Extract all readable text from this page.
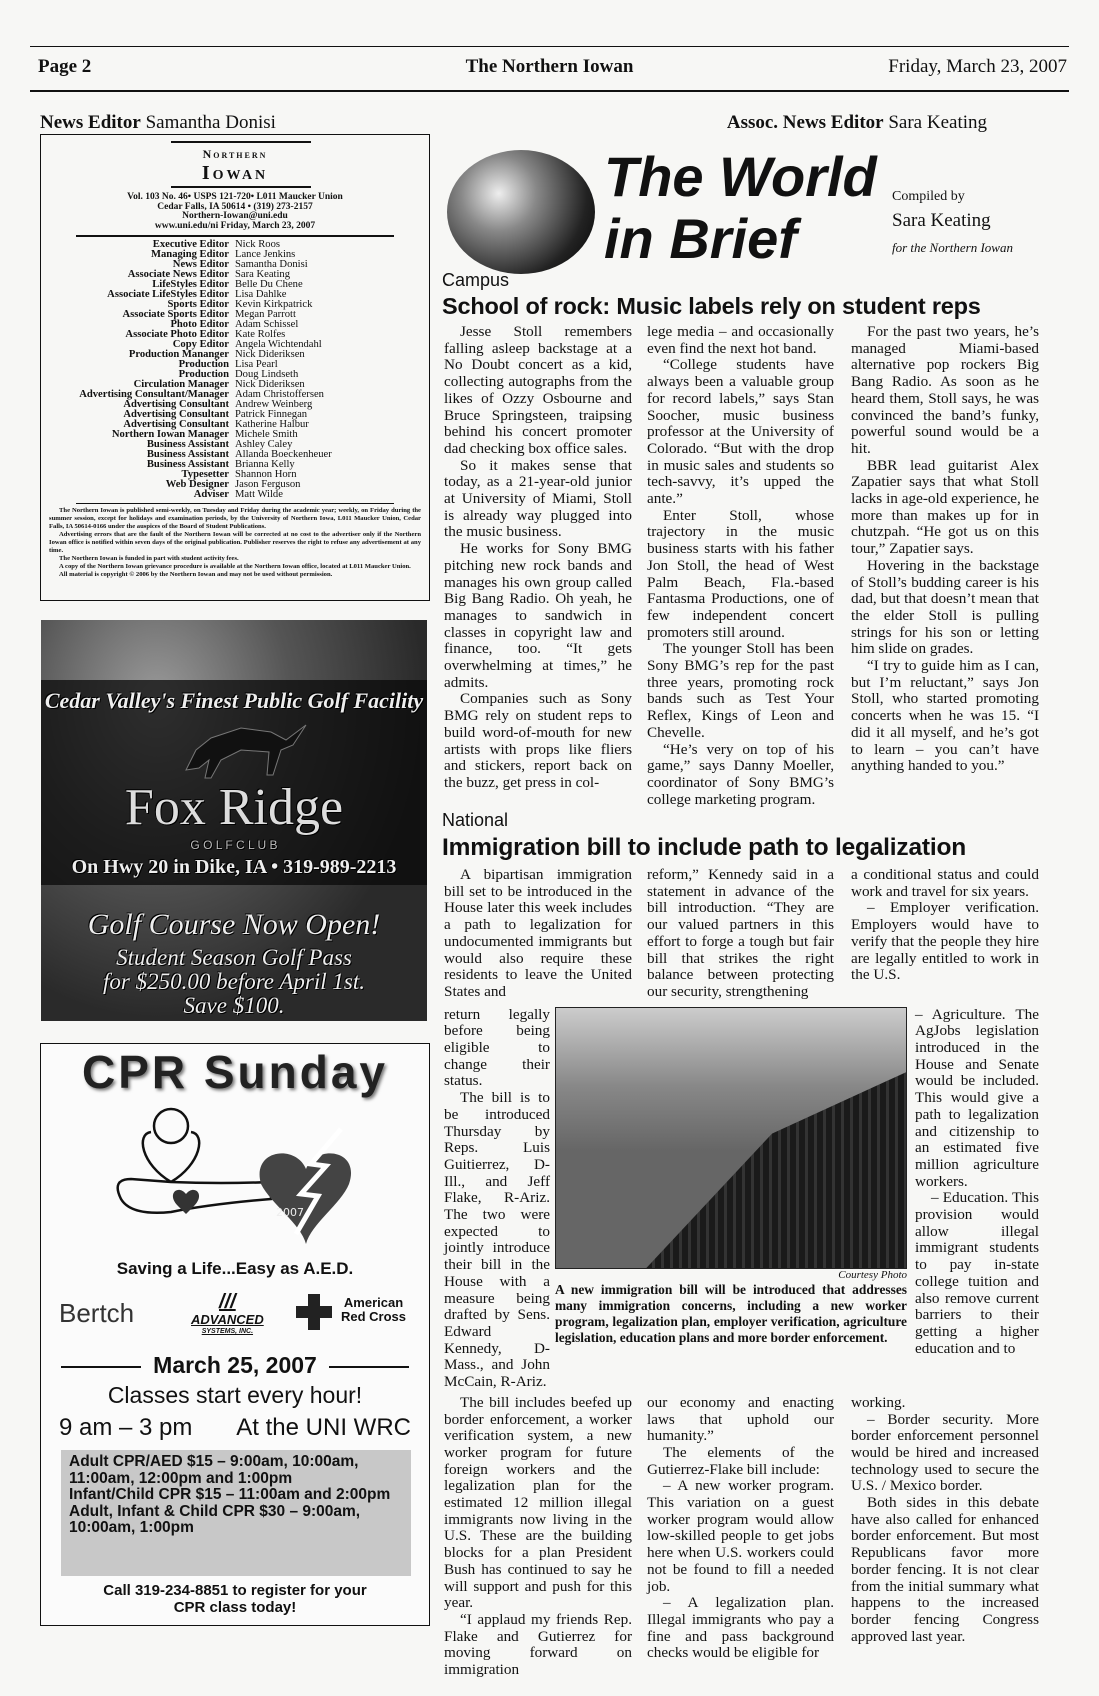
Page 2	The Northern Iowan	Friday, March 23, 2007
News Editor Samantha Donisi	Assoc. News Editor Sara Keating
Northern
Iowan
Vol. 103 No. 46• USPS 121-720• L011 Maucker Union
Cedar Falls, IA 50614 • (319) 273-2157
Northern-Iowan@uni.edu
www.uni.edu/ni Friday, March 23, 2007
Executive Editor Nick Roos
Managing Editor Lance Jenkins
News Editor Samantha Donisi
Associate News Editor Sara Keating
LifeStyles Editor Belle Du Chene
Associate LifeStyles Editor Lisa Dahlke
Sports Editor Kevin Kirkpatrick
Associate Sports Editor Megan Parrott
Photo Editor Adam Schissel
Associate Photo Editor Kate Rolfes
Copy Editor Angela Wichtendahl
Production Mananger Nick Dideriksen
Production Lisa Pearl
Production Doug Lindseth
Circulation Manager Nick Dideriksen
Advertising Consultant/Manager Adam Christoffersen
Advertising Consultant Andrew Weinberg
Advertising Consultant Patrick Finnegan
Advertising Consultant Katherine Halbur
Northern Iowan Manager Michele Smith
Business Assistant Ashley Caley
Business Assistant Allanda Boeckenheuer
Business Assistant Brianna Kelly
Typesetter Shannon Horn
Web Designer Jason Ferguson
Adviser Matt Wilde

The Northern Iowan is published semi-weekly, on Tuesday and Friday during the academic year; weekly, on Friday during the summer session, except for holidays and examination periods, by the University of Northern Iowa, L011 Maucker Union, Cedar Falls, IA 50614-0166 under the auspices of the Board of Student Publications.

Advertising errors that are the fault of the Northern Iowan will be corrected at no cost to the advertiser only if the Northern Iowan office is notified within seven days of the original publication. Publisher reserves the right to refuse any advertisement at any time.

The Northern Iowan is funded in part with student activity fees.

A copy of the Northern Iowan grievance procedure is available at the Northern Iowan office, located at L011 Maucker Union.

All material is copyright © 2006 by the Northern Iowan and may not be used without permission.

Cedar Valley's Finest Public Golf Facility
Fox Ridge
G O L F C L U B
On Hwy 20 in Dike, IA • 319-989-2213
Golf Course Now Open!
Student Season Golf Pass
for $250.00 before April 1st.
Save $100.
CPR Sunday
2007
Saving a Life...Easy as A.E.D.
Bertch	///
ADVANCED
SYSTEMS, INC.
American
Red Cross
March 25, 2007
Classes start every hour!
9 am – 3 pm At the UNI WRC
Adult CPR/AED $15 – 9:00am, 10:00am, 11:00am, 12:00pm and 1:00pm
Infant/Child CPR $15 – 11:00am and 2:00pm
Adult, Infant & Child CPR $30 – 9:00am, 10:00am, 1:00pm
Call 319-234-8851 to register for your
CPR class today!
The World
in Brief
Compiled by
Sara Keating
for the Northern Iowan
Campus
School of rock: Music labels rely on student reps

Jesse Stoll remembers falling asleep backstage at a No Doubt concert as a kid, collecting autographs from the likes of Ozzy Osbourne and Bruce Springsteen, traipsing behind his concert promoter dad checking box office sales.

So it makes sense that today, as a 21-year-old junior at University of Miami, Stoll is already way plugged into the music business.

He works for Sony BMG pitching new rock bands and manages his own group called Big Bang Radio. Oh yeah, he manages to sandwich in classes in copyright law and finance, too. “It gets overwhelming at times,” he admits.

Companies such as Sony BMG rely on student reps to build word-of-mouth for new artists with props like fliers and stickers, report back on the buzz, get press in col-

lege media – and occasionally even find the next hot band.

“College students have always been a valuable group for record labels,” says Stan Soocher, music business professor at the University of Colorado. “But with the drop in music sales and students so tech-savvy, it’s upped the ante.”

Enter Stoll, whose trajectory in the music business starts with his father Jon Stoll, the head of West Palm Beach, Fla.-based Fantasma Productions, one of few independent concert promoters still around.

The younger Stoll has been Sony BMG’s rep for the past three years, promoting rock bands such as Test Your Reflex, Kings of Leon and Chevelle.

“He’s very on top of his game,” says Danny Moeller, coordinator of Sony BMG’s college marketing program.

For the past two years, he’s managed Miami-based alternative pop rockers Big Bang Radio. As soon as he heard them, Stoll says, he was convinced the band’s funky, powerful sound would be a hit.

BBR lead guitarist Alex Zapatier says that what Stoll lacks in age-old experience, he more than makes up for in chutzpah. “He got us on this tour,” Zapatier says.

Hovering in the backstage of Stoll’s budding career is his dad, but that doesn’t mean that the elder Stoll is pulling strings for his son or letting him slide on grades.

“I try to guide him as I can, but I’m reluctant,” says Jon Stoll, who started promoting concerts when he was 15. “I did it all myself, and he’s got to learn – you can’t have anything handed to you.”

National
Immigration bill to include path to legalization

A bipartisan immigration bill set to be introduced in the House later this week includes a path to legalization for undocumented immigrants but would also require these residents to leave the United States and

reform,” Kennedy said in a statement in advance of the bill introduction. “They are our valued partners in this effort to forge a tough but fair bill that strikes the right balance between protecting our security, strengthening

a conditional status and could work and travel for six years.

– Employer verification. Employers would have to verify that the people they hire are legally entitled to work in the U.S.

return legally before being eligible to change their status.

The bill is to be introduced Thursday by Reps. Luis Guitierrez, D-Ill., and Jeff Flake, R-Ariz. The two were expected to jointly introduce their bill in the House with a measure being drafted by Sens. Edward Kennedy, D-Mass., and John McCain, R-Ariz.

Courtesy Photo
A new immigration bill will be introduced that addresses many immigration concerns, including a new worker program, legalization plan, employer verification, agriculture legislation, education plans and more border enforcement.

– Agriculture. The AgJobs legislation introduced in the House and Senate would be included. This would give a path to legalization and citizenship to an estimated five million agriculture workers.

– Education. This provision would allow illegal immigrant students to pay in-state college tuition and also remove current barriers to their getting a higher education and to

The bill includes beefed up border enforcement, a worker verification system, a new worker program for future foreign workers and the legalization plan for the estimated 12 million illegal immigrants now living in the U.S. These are the building blocks for a plan President Bush has continued to say he will support and push for this year.

“I applaud my friends Rep. Flake and Gutierrez for moving forward on immigration

our economy and enacting laws that uphold our humanity.”

The elements of the Gutierrez-Flake bill include:

– A new worker program. This variation on a guest worker program would allow low-skilled people to get jobs here when U.S. workers could not be found to fill a needed job.

– A legalization plan. Illegal immigrants who pay a fine and pass background checks would be eligible for

working.

– Border security. More border enforcement personnel would be hired and increased technology used to secure the U.S. / Mexico border.

Both sides in this debate have also called for enhanced border enforcement. But most Republicans favor more border fencing. It is not clear from the initial summary what happens to the increased border fencing Congress approved last year.
